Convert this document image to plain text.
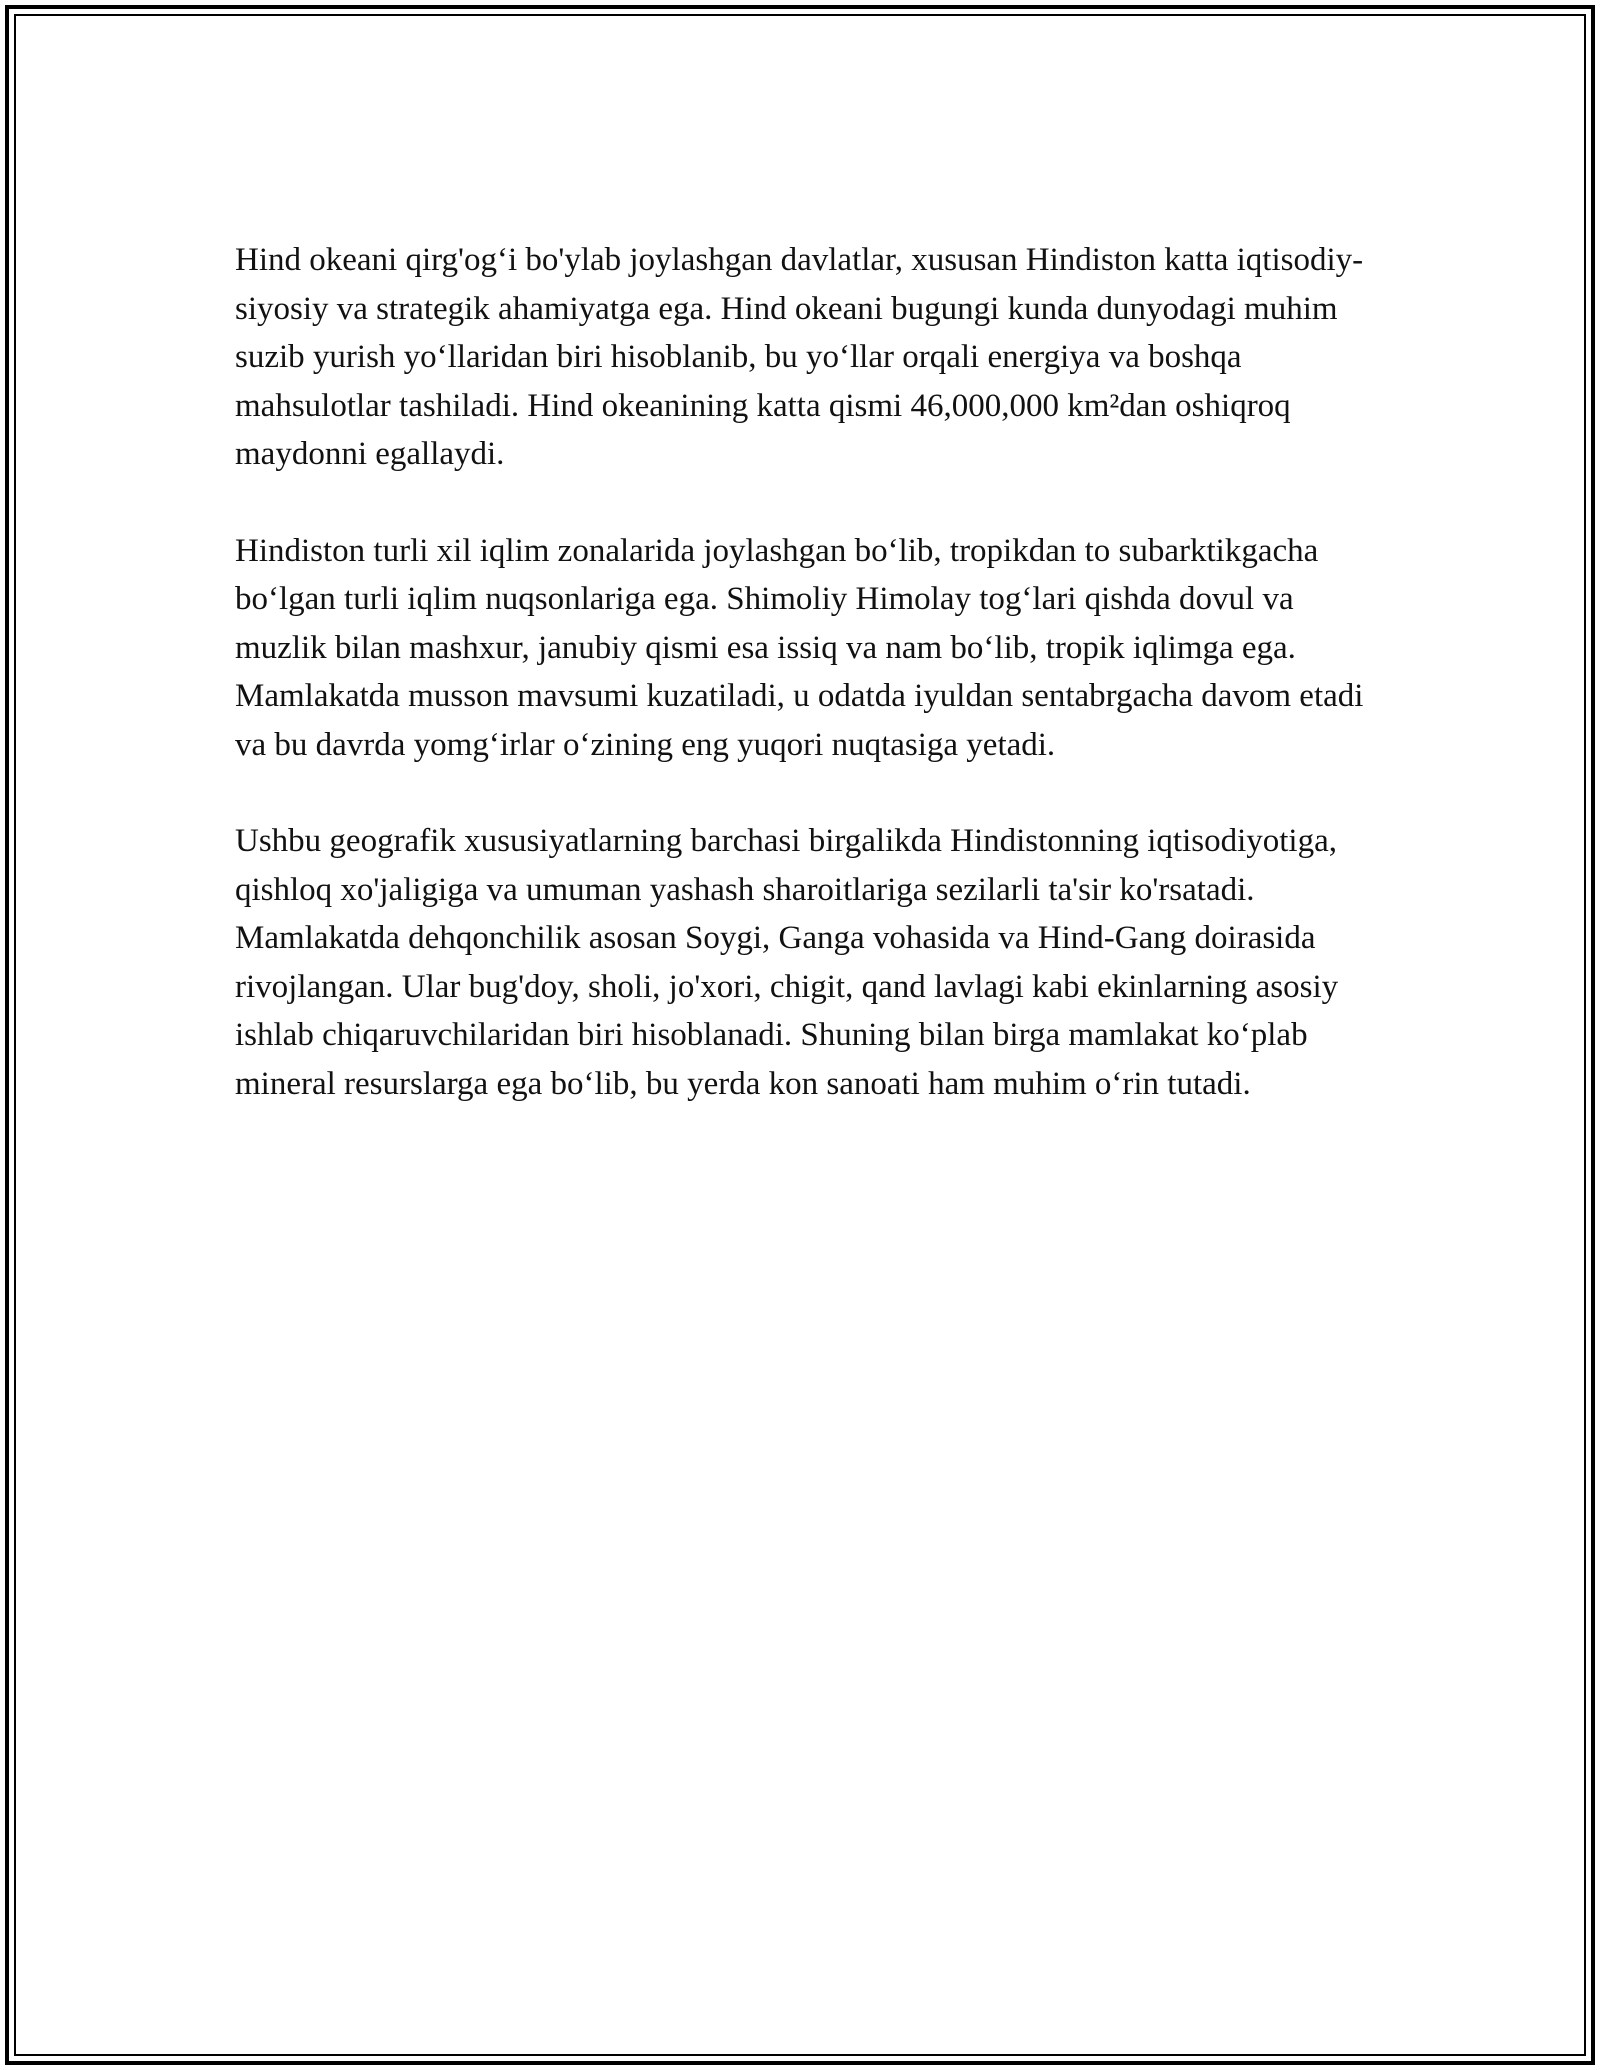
Hind okeani qirg'og‘i bo'ylab joylashgan davlatlar, xususan Hindiston katta iqtisodiy-siyosiy va strategik ahamiyatga ega. Hind okeani bugungi kunda dunyodagi muhim suzib yurish yo‘llaridan biri hisoblanib, bu yo‘llar orqali energiya va boshqa mahsulotlar tashiladi. Hind okeanining katta qismi 46,000,000 km²dan oshiqroq maydonni egallaydi.

Hindiston turli xil iqlim zonalarida joylashgan bo‘lib, tropikdan to subarktikgacha bo‘lgan turli iqlim nuqsonlariga ega. Shimoliy Himolay tog‘lari qishda dovul va muzlik bilan mashxur, janubiy qismi esa issiq va nam bo‘lib, tropik iqlimga ega. Mamlakatda musson mavsumi kuzatiladi, u odatda iyuldan sentabrgacha davom etadi va bu davrda yomg‘irlar o‘zining eng yuqori nuqtasiga yetadi.

Ushbu geografik xususiyatlarning barchasi birgalikda Hindistonning iqtisodiyotiga, qishloq xo'jaligiga va umuman yashash sharoitlariga sezilarli ta'sir ko'rsatadi. Mamlakatda dehqonchilik asosan Soygi, Ganga vohasida va Hind-Gang doirasida rivojlangan. Ular bug'doy, sholi, jo'xori, chigit, qand lavlagi kabi ekinlarning asosiy ishlab chiqaruvchilaridan biri hisoblanadi. Shuning bilan birga mamlakat ko‘plab mineral resurslarga ega bo‘lib, bu yerda kon sanoati ham muhim o‘rin tutadi.
